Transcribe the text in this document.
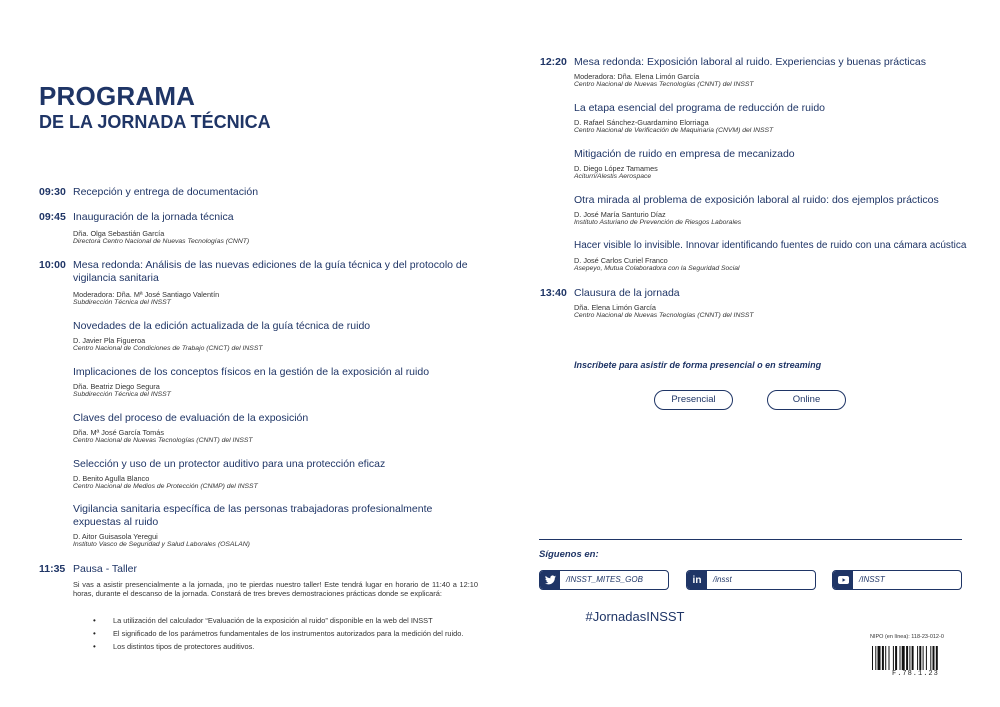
PROGRAMA
DE LA JORNADA TÉCNICA
09:30 Recepción y entrega de documentación
09:45 Inauguración de la jornada técnica
Dña. Olga Sebastián García
Directora Centro Nacional de Nuevas Tecnologías (CNNT)
10:00 Mesa redonda: Análisis de las nuevas ediciones de la guía técnica y del protocolo de vigilancia sanitaria
Moderadora: Dña. Mª José Santiago Valentín
Subdirección Técnica del INSST
Novedades de la edición actualizada de la guía técnica de ruido
D. Javier Pla Figueroa
Centro Nacional de Condiciones de Trabajo (CNCT) del INSST
Implicaciones de los conceptos físicos en la gestión de la exposición al ruido
Dña. Beatriz Diego Segura
Subdirección Técnica del INSST
Claves del proceso de evaluación de la exposición
Dña. Mª José García Tomás
Centro Nacional de Nuevas Tecnologías (CNNT) del INSST
Selección y uso de un protector auditivo para una protección eficaz
D. Benito Agulla Blanco
Centro Nacional de Medios de Protección (CNMP) del INSST
Vigilancia sanitaria específica de las personas trabajadoras profesionalmente expuestas al ruido
D. Aitor Guisasola Yeregui
Instituto Vasco de Seguridad y Salud Laborales (OSALAN)
11:35 Pausa - Taller

Si vas a asistir presencialmente a la jornada, ¡no te pierdas nuestro taller! Este tendrá lugar en horario de 11:40 a 12:10 horas, durante el descanso de la jornada. Constará de tres breves demostraciones prácticas donde se explicará:

• La utilización del calculador “Evaluación de la exposición al ruido” disponible en la web del INSST
• El significado de los parámetros fundamentales de los instrumentos autorizados para la medición del ruido.
• Los distintos tipos de protectores auditivos.
12:20 Mesa redonda: Exposición laboral al ruido. Experiencias y buenas prácticas
Moderadora: Dña. Elena Limón García
Centro Nacional de Nuevas Tecnologías (CNNT) del INSST
La etapa esencial del programa de reducción de ruido
D. Rafael Sánchez-Guardamino Elorriaga
Centro Nacional de Verificación de Maquinaria (CNVM) del INSST
Mitigación de ruido en empresa de mecanizado
D. Diego López Tamames
Aciturri/Alestis Aerospace
Otra mirada al problema de exposición laboral al ruido: dos ejemplos prácticos
D. José María Santurio Díaz
Instituto Asturiano de Prevención de Riesgos Laborales
Hacer visible lo invisible. Innovar identificando fuentes de ruido con una cámara acústica
D. José Carlos Curiel Franco
Asepeyo, Mutua Colaboradora con la Seguridad Social
13:40 Clausura de la jornada
Dña. Elena Limón García
Centro Nacional de Nuevas Tecnologías (CNNT) del INSST
Inscríbete para asistir de forma presencial o en streaming
Presencial	Online
Síguenos en:
/INSST_MITES_GOB	in	/insst	/INSST
#JornadasINSST
NIPO (en línea): 118-23-012-0
F.78.1.23
